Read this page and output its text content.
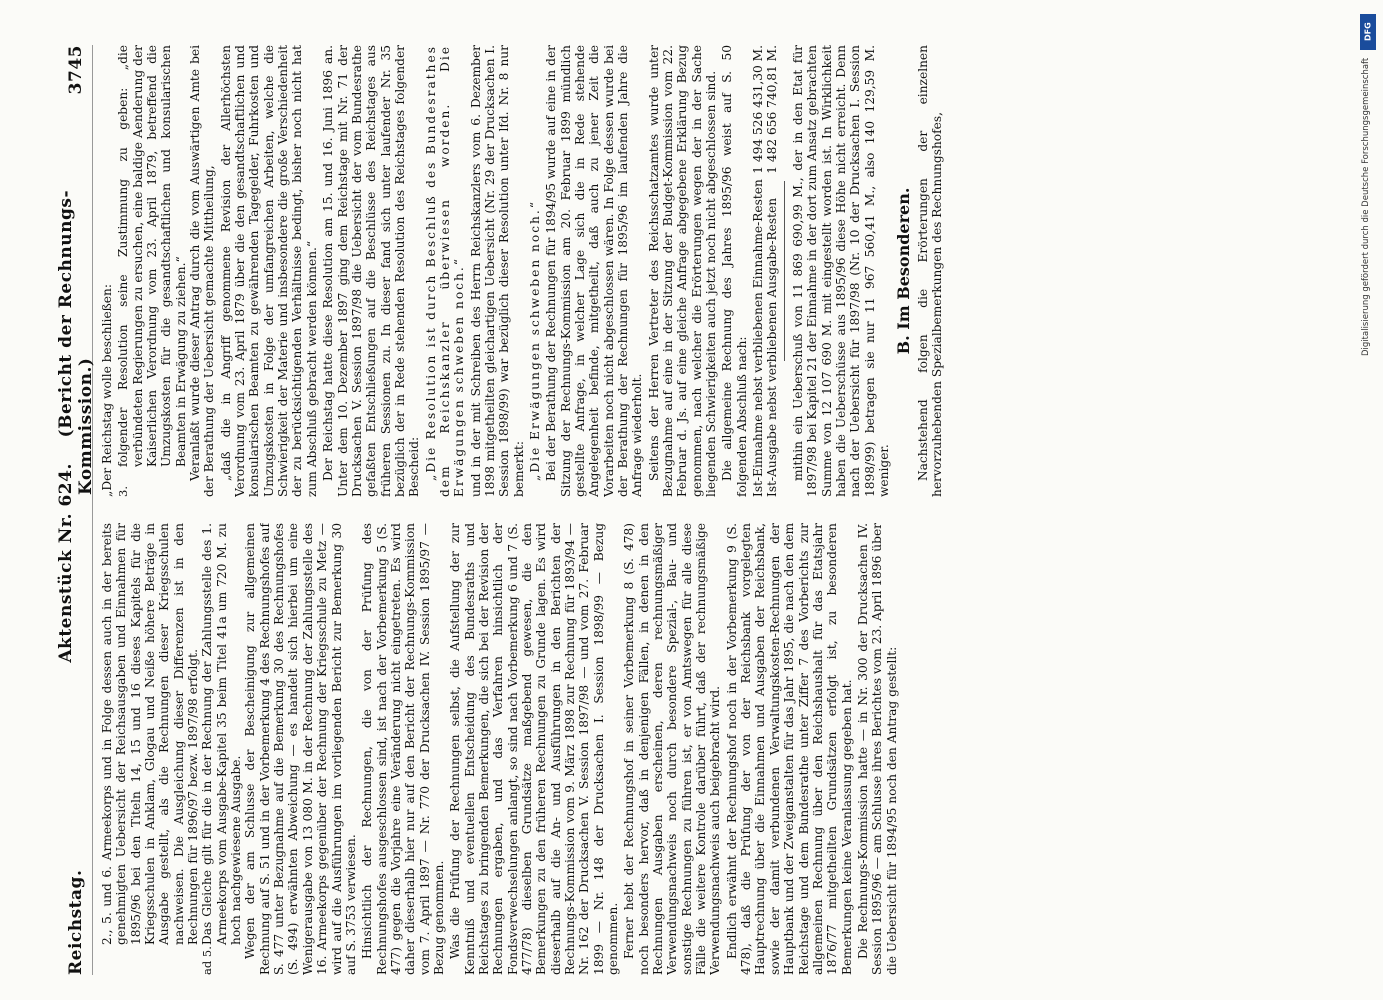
Reichstag.
Aktenstück Nr. 624.    (Bericht der Rechnungs-Kommission.)
3745
2., 5. und 6. Armeekorps und in Folge dessen auch in der bereits genehmigten Uebersicht der Reichsausgaben und Einnahmen für 1895/96 bei den Titeln 14, 15 und 16 dieses Kapitels für die Kriegsschulen in Anklam, Glogau und Neiße höhere Beträge in Ausgabe gestellt, als die Rechnungen dieser Kriegsschulen nachweisen. Die Ausgleichung dieser Differenzen ist in den Rechnungen für 1896/97 bezw. 1897/98 erfolgt.
ad 5.
Das Gleiche gilt für die in der Rechnung der Zahlungsstelle des 1. Armeekorps vom Ausgabe-Kapitel 35 beim Titel 41a um 720 M. zu hoch nachgewiesene Ausgabe. Wegen der am Schlusse der Bescheinigung zur allgemeinen Rechnung auf S. 51 und in der Vorbemerkung 4 des Rechnungshofes auf S. 477 unter Bezugnahme auf die Bemerkung 30 des Rechnungshofes (S. 494) erwähnten Abweichung — es handelt sich hierbei um eine Wenigerausgabe von 13 080 M. in der Rechnung der Zahlungsstelle des 16. Armeekorps gegenüber der Rechnung der Kriegsschule zu Metz — wird auf die Ausführungen im vorliegenden Bericht zur Bemerkung 30 auf S. 3753 verwiesen. Hinsichtlich der Rechnungen, die von der Prüfung des Rechnungshofes ausgeschlossen sind, ist nach der Vorbemerkung 5 (S. 477) gegen die Vorjahre eine Veränderung nicht eingetreten. Es wird daher dieserhalb hier nur auf den Bericht der Rechnungs-Kommission vom 7. April 1897 — Nr. 770 der Drucksachen IV. Session 1895/97 — Bezug genommen. Was die Prüfung der Rechnungen selbst, die Aufstellung der zur Kenntniß und eventuellen Entscheidung des Bundesraths und Reichstages zu bringenden Bemerkungen, die sich bei der Revision der Rechnungen ergaben, und das Verfahren hinsichtlich der Fondsverwechselungen anlangt, so sind nach Vorbemerkung 6 und 7 (S. 477/78) dieselben Grundsätze maßgebend gewesen, die den Bemerkungen zu den früheren Rechnungen zu Grunde lagen. Es wird dieserhalb auf die An- und Ausführungen in den Berichten der Rechnungs-Kommission vom 9. März 1898 zur Rechnung für 1893/94 — Nr. 162 der Drucksachen V. Session 1897/98 — und vom 27. Februar 1899 — Nr. 148 der Drucksachen I. Session 1898/99 — Bezug genommen. Ferner hebt der Rechnungshof in seiner Vorbemerkung 8 (S. 478) noch besonders hervor, daß in denjenigen Fällen, in denen in den Rechnungen Ausgaben erscheinen, deren rechnungsmäßiger Verwendungsnachweis noch durch besondere Spezial-, Bau- und sonstige Rechnungen zu führen ist, er von Amtswegen für alle diese Fälle die weitere Kontrole darüber führt, daß der rechnungsmäßige Verwendungsnachweis auch beigebracht wird. Endlich erwähnt der Rechnungshof noch in der Vorbemerkung 9 (S. 478), daß die Prüfung der von der Reichsbank vorgelegten Hauptrechnung über die Einnahmen und Ausgaben der Reichsbank, sowie der damit verbundenen Verwaltungskosten-Rechnungen der Hauptbank und der Zweiganstalten für das Jahr 1895, die nach den dem Reichstage und dem Bundesrathe unter Ziffer 7 des Vorberichts zur allgemeinen Rechnung über den Reichshaushalt für das Etatsjahr 1876/77 mitgetheilten Grundsätzen erfolgt ist, zu besonderen Bemerkungen keine Veranlassung gegeben hat. Die Rechnungs-Kommission hatte — in Nr. 300 der Drucksachen IV. Session 1895/96 — am Schlusse ihres Berichtes vom 23. April 1896 über die Uebersicht für 1894/95 noch den Antrag gestellt:

„Der Reichstag wolle beschließen: 3.
folgender Resolution seine Zustimmung zu geben: „die verbündeten Regierungen zu ersuchen, eine baldige Aenderung der Kaiserlichen Verordnung vom 23. April 1879, betreffend die Umzugskosten für die gesandtschaftlichen und konsularischen Beamten in Erwägung zu ziehen.“ Veranlaßt wurde dieser Antrag durch die vom Auswärtigen Amte bei der Berathung der Uebersicht gemachte Mittheilung, „daß die in Angriff genommene Revision der Allerhöchsten Verordnung vom 23. April 1879 über die den gesandtschaftlichen und konsularischen Beamten zu gewährenden Tagegelder, Fuhrkosten und Umzugskosten in Folge der umfangreichen Arbeiten, welche die Schwierigkeit der Materie und insbesondere die große Verschiedenheit der zu berücksichtigenden Verhältnisse bedingt, bisher noch nicht hat zum Abschluß gebracht werden können.“ Der Reichstag hatte diese Resolution am 15. und 16. Juni 1896 an. Unter dem 10. Dezember 1897 ging dem Reichstage mit Nr. 71 der Drucksachen V. Session 1897/98 die Uebersicht der vom Bundesrathe gefaßten Entschließungen auf die Beschlüsse des Reichstages aus früheren Sessionen zu. In dieser fand sich unter laufender Nr. 35 bezüglich der in Rede stehenden Resolution des Reichstages folgender Bescheid: „Die Resolution ist durch Beschluß des Bundesrathes dem Reichskanzler überwiesen worden. Die Erwägungen schweben noch.“ und in der mit Schreiben des Herrn Reichskanzlers vom 6. Dezember 1898 mitgetheilten gleichartigen Uebersicht (Nr. 29 der Drucksachen I. Session 1898/99) war bezüglich dieser Resolution unter lfd. Nr. 8 nur bemerkt: „Die Erwägungen schweben noch.“ Bei der Berathung der Rechnungen für 1894/95 wurde auf eine in der Sitzung der Rechnungs-Kommission am 20. Februar 1899 mündlich gestellte Anfrage, in welcher Lage sich die in Rede stehende Angelegenheit befinde, mitgetheilt, daß auch zu jener Zeit die Vorarbeiten noch nicht abgeschlossen wären. In Folge dessen wurde bei der Berathung der Rechnungen für 1895/96 im laufenden Jahre die Anfrage wiederholt. Seitens der Herren Vertreter des Reichsschatzamtes wurde unter Bezugnahme auf eine in der Sitzung der Budget-Kommission vom 22. Februar d. Js. auf eine gleiche Anfrage abgegebene Erklärung Bezug genommen, nach welcher die Erörterungen wegen der in der Sache liegenden Schwierigkeiten auch jetzt noch nicht abgeschlossen sind. Die allgemeine Rechnung des Jahres 1895/96 weist auf S. 50 folgenden Abschluß nach: Ist-Einnahme nebst verbliebenen Einnahme-Resten
1 494 526 431,30 M.
Ist-Ausgabe nebst verbliebenen Ausgabe-Resten
1 482 656 740,81 M. mithin ein Ueberschuß von 11 869 690,99 M., der in den Etat für 1897/98 bei Kapitel 21 der Einnahme in der dort zum Ansatz gebrachten Summe von 12 107 690 M. mit eingestellt worden ist. In Wirklichkeit haben die Ueberschüsse aus 1895/96 diese Höhe nicht erreicht. Denn nach der Uebersicht für 1897/98 (Nr. 10 der Drucksachen I. Session 1898/99) betragen sie nur 11 967 560,41 M., also 140 129,59 M. weniger.

B. Im Besonderen. Nachstehend folgen die Erörterungen der einzelnen hervorzuhebenden Spezialbemerkungen des Rechnungshofes,

DFG
Digitalisierung gefördert durch die Deutsche Forschungsgemeinschaft
